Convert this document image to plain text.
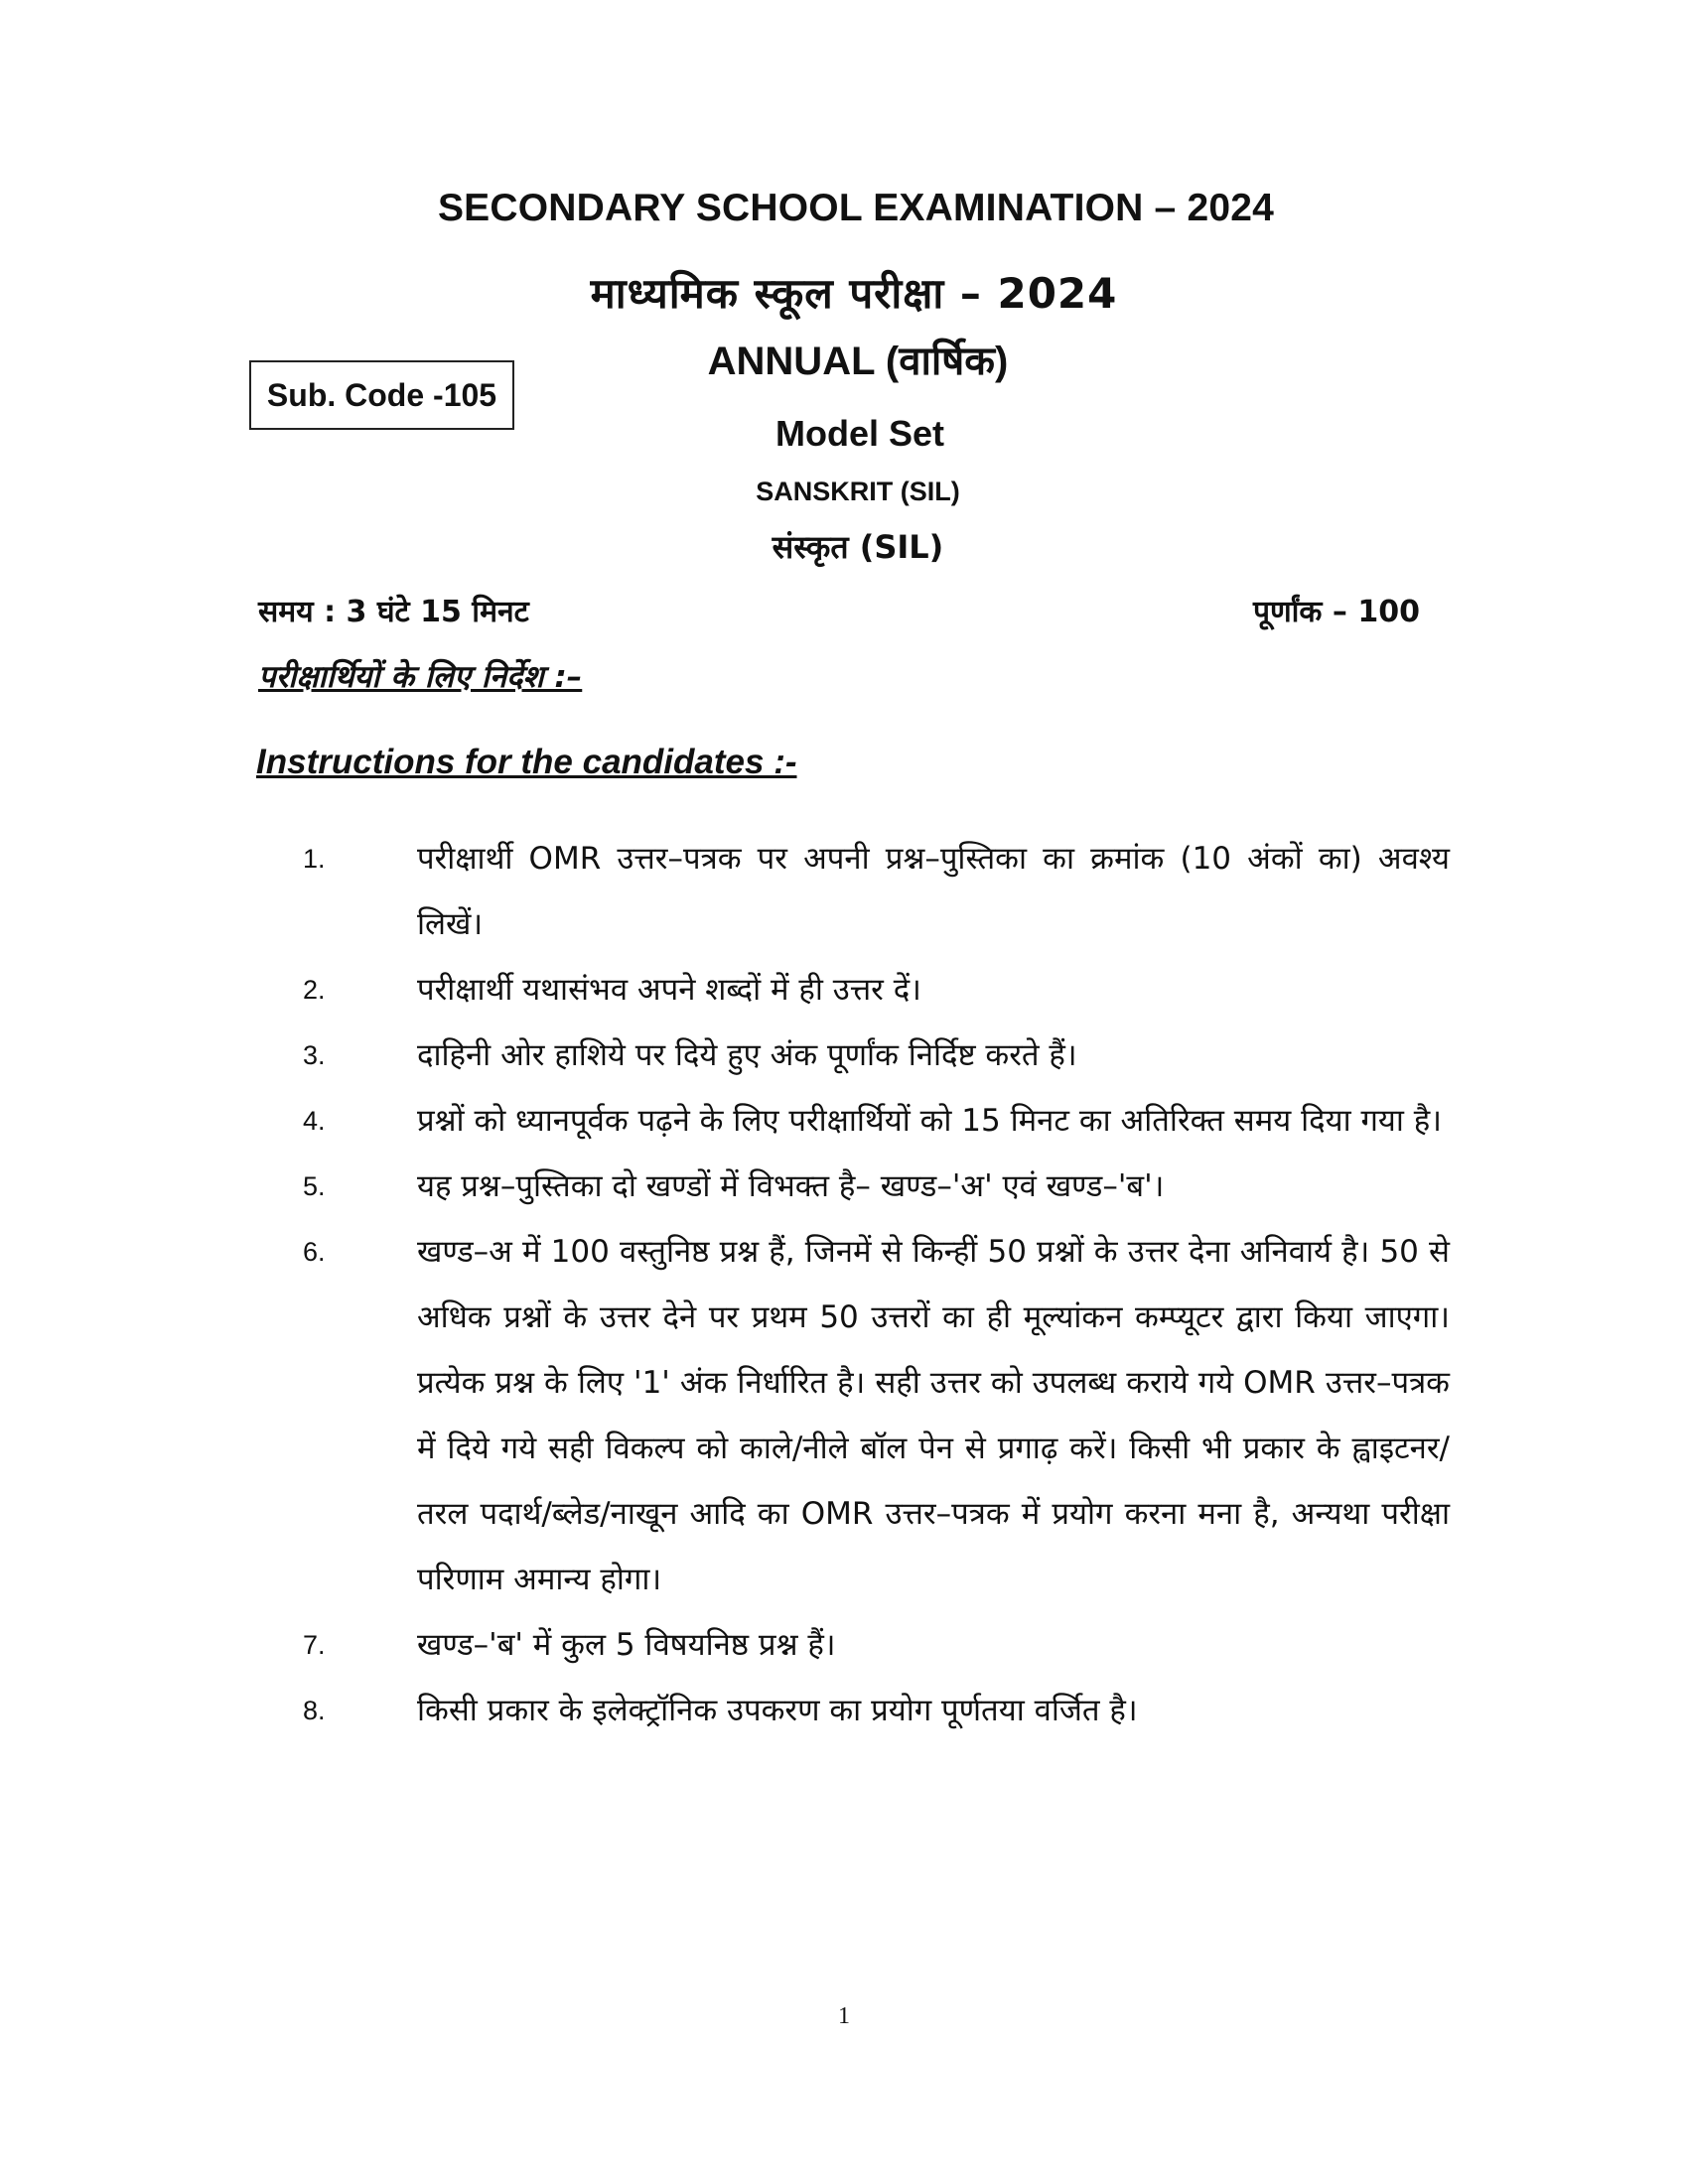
SECONDARY SCHOOL EXAMINATION – 2024
माध्यमिक स्कूल परीक्षा – 2024
ANNUAL (वार्षिक)
Sub. Code -105
Model Set
SANSKRIT (SIL)
संस्कृत (SIL)
समय : 3 घंटे 15 मिनट	पूर्णांक – 100
परीक्षार्थियों के लिए निर्देश :–
Instructions for the candidates :-
1.	परीक्षार्थी OMR उत्तर–पत्रक पर अपनी प्रश्न–पुस्तिका का क्रमांक (10 अंकों का) अवश्य लिखें।
2.	परीक्षार्थी यथासंभव अपने शब्दों में ही उत्तर दें।
3.	दाहिनी ओर हाशिये पर दिये हुए अंक पूर्णांक निर्दिष्ट करते हैं।
4.	प्रश्नों को ध्यानपूर्वक पढ़ने के लिए परीक्षार्थियों को 15 मिनट का अतिरिक्त समय दिया गया है।
5.	यह प्रश्न–पुस्तिका दो खण्डों में विभक्त है– खण्ड–'अ' एवं खण्ड–'ब'।
6.	खण्ड–अ में 100 वस्तुनिष्ठ प्रश्न हैं, जिनमें से किन्हीं 50 प्रश्नों के उत्तर देना अनिवार्य है। 50 से अधिक प्रश्नों के उत्तर देने पर प्रथम 50 उत्तरों का ही मूल्यांकन कम्प्यूटर द्वारा किया जाएगा। प्रत्येक प्रश्न के लिए '1' अंक निर्धारित है। सही उत्तर को उपलब्ध कराये गये OMR उत्तर–पत्रक में दिये गये सही विकल्प को काले/नीले बॉल पेन से प्रगाढ़ करें। किसी भी प्रकार के ह्वाइटनर/तरल पदार्थ/ब्लेड/नाखून आदि का OMR उत्तर–पत्रक में प्रयोग करना मना है, अन्यथा परीक्षा परिणाम अमान्य होगा।
7.	खण्ड–'ब' में कुल 5 विषयनिष्ठ प्रश्न हैं।
8.	किसी प्रकार के इलेक्ट्रॉनिक उपकरण का प्रयोग पूर्णतया वर्जित है।
1
